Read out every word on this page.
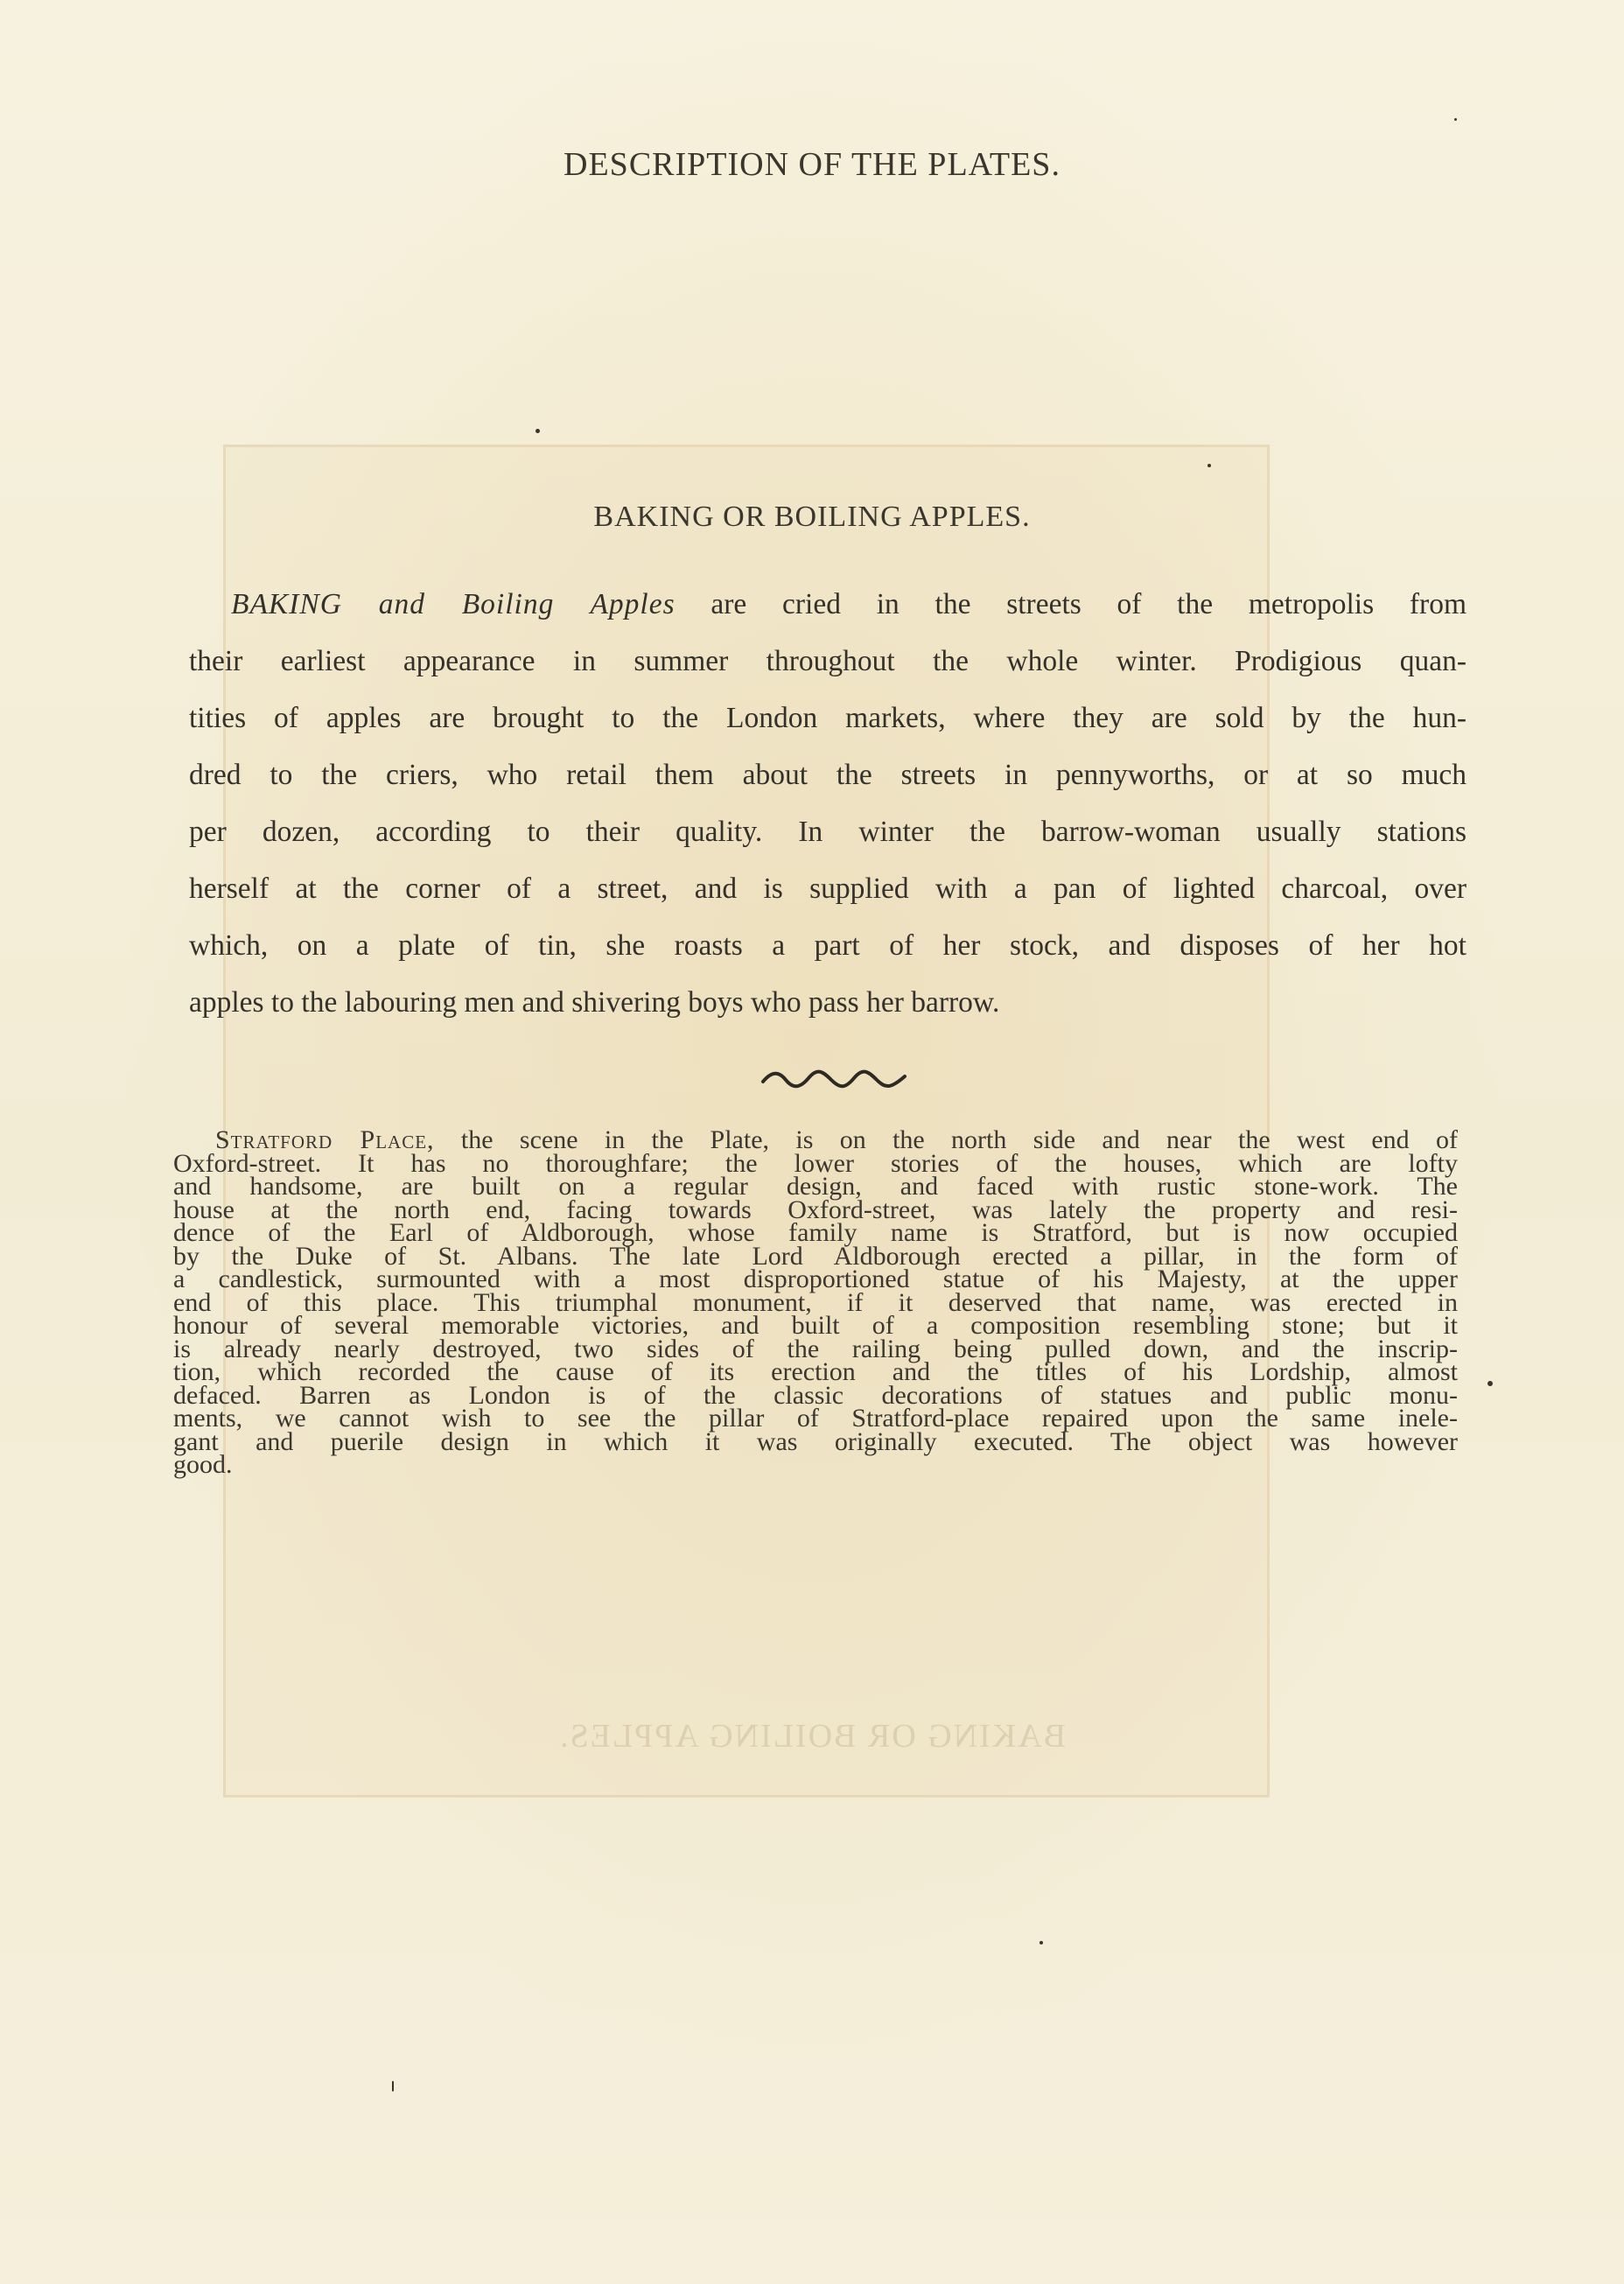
BAKING OR BOILING APPLES.
DESCRIPTION OF THE PLATES.
BAKING OR BOILING APPLES.
BAKING and Boiling Apples are cried in the streets of the metropolis from
their earliest appearance in summer throughout the whole winter. Prodigious quan-
tities of apples are brought to the London markets, where they are sold by the hun-
dred to the criers, who retail them about the streets in pennyworths, or at so much
per dozen, according to their quality. In winter the barrow-woman usually stations
herself at the corner of a street, and is supplied with a pan of lighted charcoal, over
which, on a plate of tin, she roasts a part of her stock, and disposes of her hot
apples to the labouring men and shivering boys who pass her barrow.
Stratford Place, the scene in the Plate, is on the north side and near the west end of
Oxford-street. It has no thoroughfare; the lower stories of the houses, which are lofty
and handsome, are built on a regular design, and faced with rustic stone-work. The
house at the north end, facing towards Oxford-street, was lately the property and resi-
dence of the Earl of Aldborough, whose family name is Stratford, but is now occupied
by the Duke of St. Albans. The late Lord Aldborough erected a pillar, in the form of
a candlestick, surmounted with a most disproportioned statue of his Majesty, at the upper
end of this place. This triumphal monument, if it deserved that name, was erected in
honour of several memorable victories, and built of a composition resembling stone; but it
is already nearly destroyed, two sides of the railing being pulled down, and the inscrip-
tion, which recorded the cause of its erection and the titles of his Lordship, almost
defaced. Barren as London is of the classic decorations of statues and public monu-
ments, we cannot wish to see the pillar of Stratford-place repaired upon the same inele-
gant and puerile design in which it was originally executed. The object was however
good.
